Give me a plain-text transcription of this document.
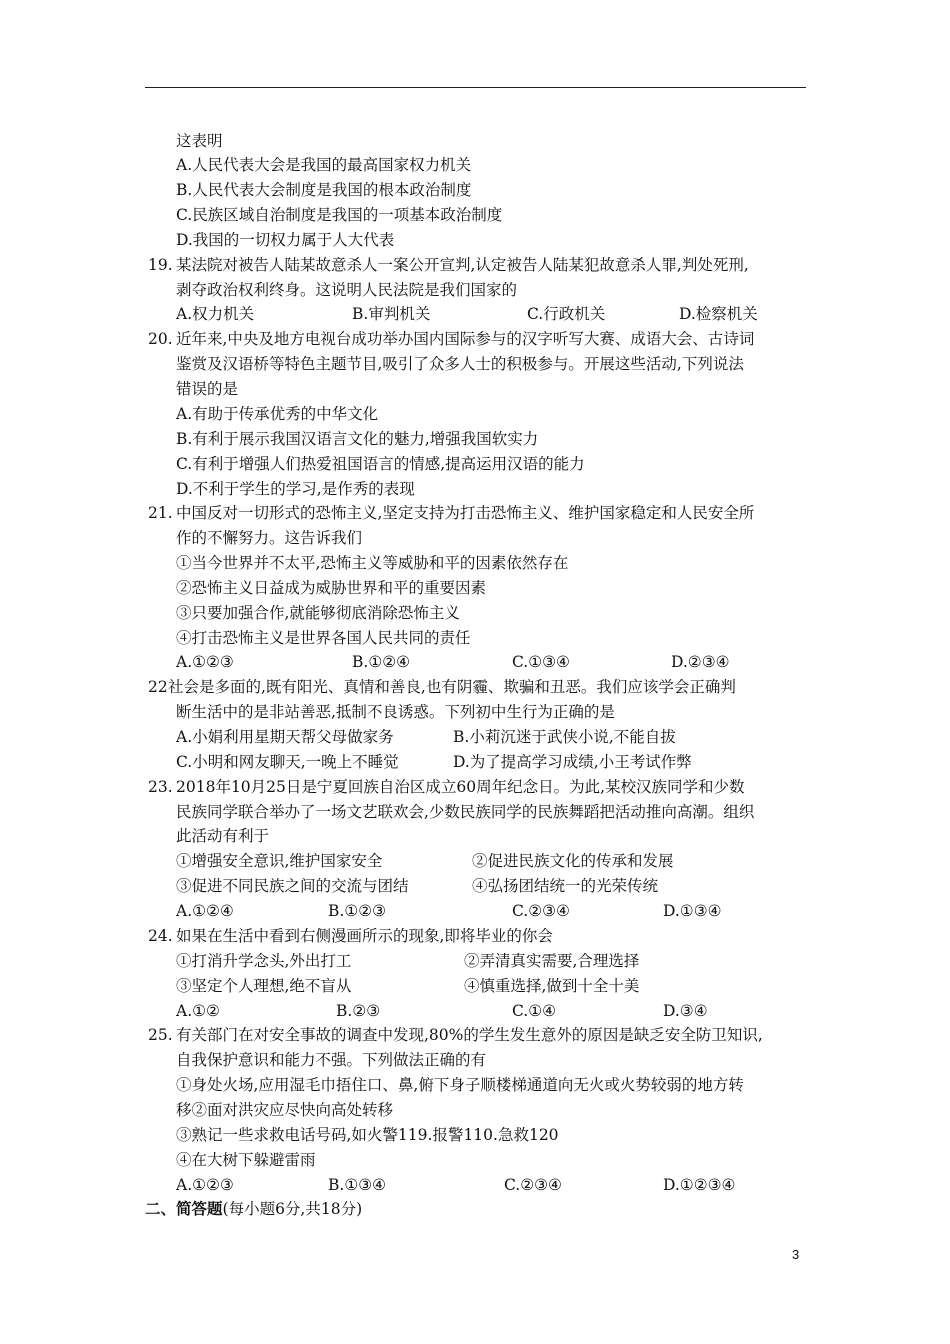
这表明
A.人民代表大会是我国的最高国家权力机关
B.人民代表大会制度是我国的根本政治制度
C.民族区域自治制度是我国的一项基本政治制度
D.我国的一切权力属于人大代表
19. 某法院对被告人陆某故意杀人一案公开宣判,认定被告人陆某犯故意杀人罪,判处死刑,
剥夺政治权利终身。这说明人民法院是我们国家的
A.权力机关	B.审判机关	C.行政机关	D.检察机关
20. 近年来,中央及地方电视台成功举办国内国际参与的汉字听写大赛、成语大会、古诗词
鉴赏及汉语桥等特色主题节目,吸引了众多人士的积极参与。开展这些活动,下列说法
错误的是
A.有助于传承优秀的中华文化
B.有利于展示我国汉语言文化的魅力,增强我国软实力
C.有利于增强人们热爱祖国语言的情感,提高运用汉语的能力
D.不利于学生的学习,是作秀的表现
21. 中国反对一切形式的恐怖主义,坚定支持为打击恐怖主义、维护国家稳定和人民安全所
作的不懈努力。这告诉我们
①当今世界并不太平,恐怖主义等威胁和平的因素依然存在
②恐怖主义日益成为威胁世界和平的重要因素
③只要加强合作,就能够彻底消除恐怖主义
④打击恐怖主义是世界各国人民共同的责任
A.①②③	B.①②④	C.①③④	D.②③④
22 社会是多面的,既有阳光、真情和善良,也有阴霾、欺骗和丑恶。我们应该学会正确判
断生活中的是非站善恶,抵制不良诱惑。下列初中生行为正确的是
A.小娟利用星期天帮父母做家务	B.小莉沉迷于武侠小说,不能自拔
C.小明和网友聊天,一晚上不睡觉	D.为了提高学习成绩,小王考试作弊
23. 2018年10月25日是宁夏回族自治区成立60周年纪念日。为此,某校汉族同学和少数
民族同学联合举办了一场文艺联欢会,少数民族同学的民族舞蹈把活动推向高潮。组织
此活动有利于
①增强安全意识,维护国家安全	②促进民族文化的传承和发展
③促进不同民族之间的交流与团结	④弘扬团结统一的光荣传统
A.①②④	B.①②③	C.②③④	D.①③④
24. 如果在生活中看到右侧漫画所示的现象,即将毕业的你会
①打消升学念头,外出打工	②弄清真实需要,合理选择
③坚定个人理想,绝不盲从	④慎重选择,做到十全十美
A.①②	B.②③	C.①④	D.③④
25. 有关部门在对安全事故的调查中发现,80%的学生发生意外的原因是缺乏安全防卫知识,
自我保护意识和能力不强。下列做法正确的有
①身处火场,应用湿毛巾捂住口、鼻,俯下身子顺楼梯通道向无火或火势较弱的地方转
移②面对洪灾应尽快向高处转移
③熟记一些求救电话号码,如火警119.报警110.急救120
④在大树下躲避雷雨
A.①②③	B.①③④	C.②③④	D.①②③④
二、简答题(每小题6分,共18分)
3
